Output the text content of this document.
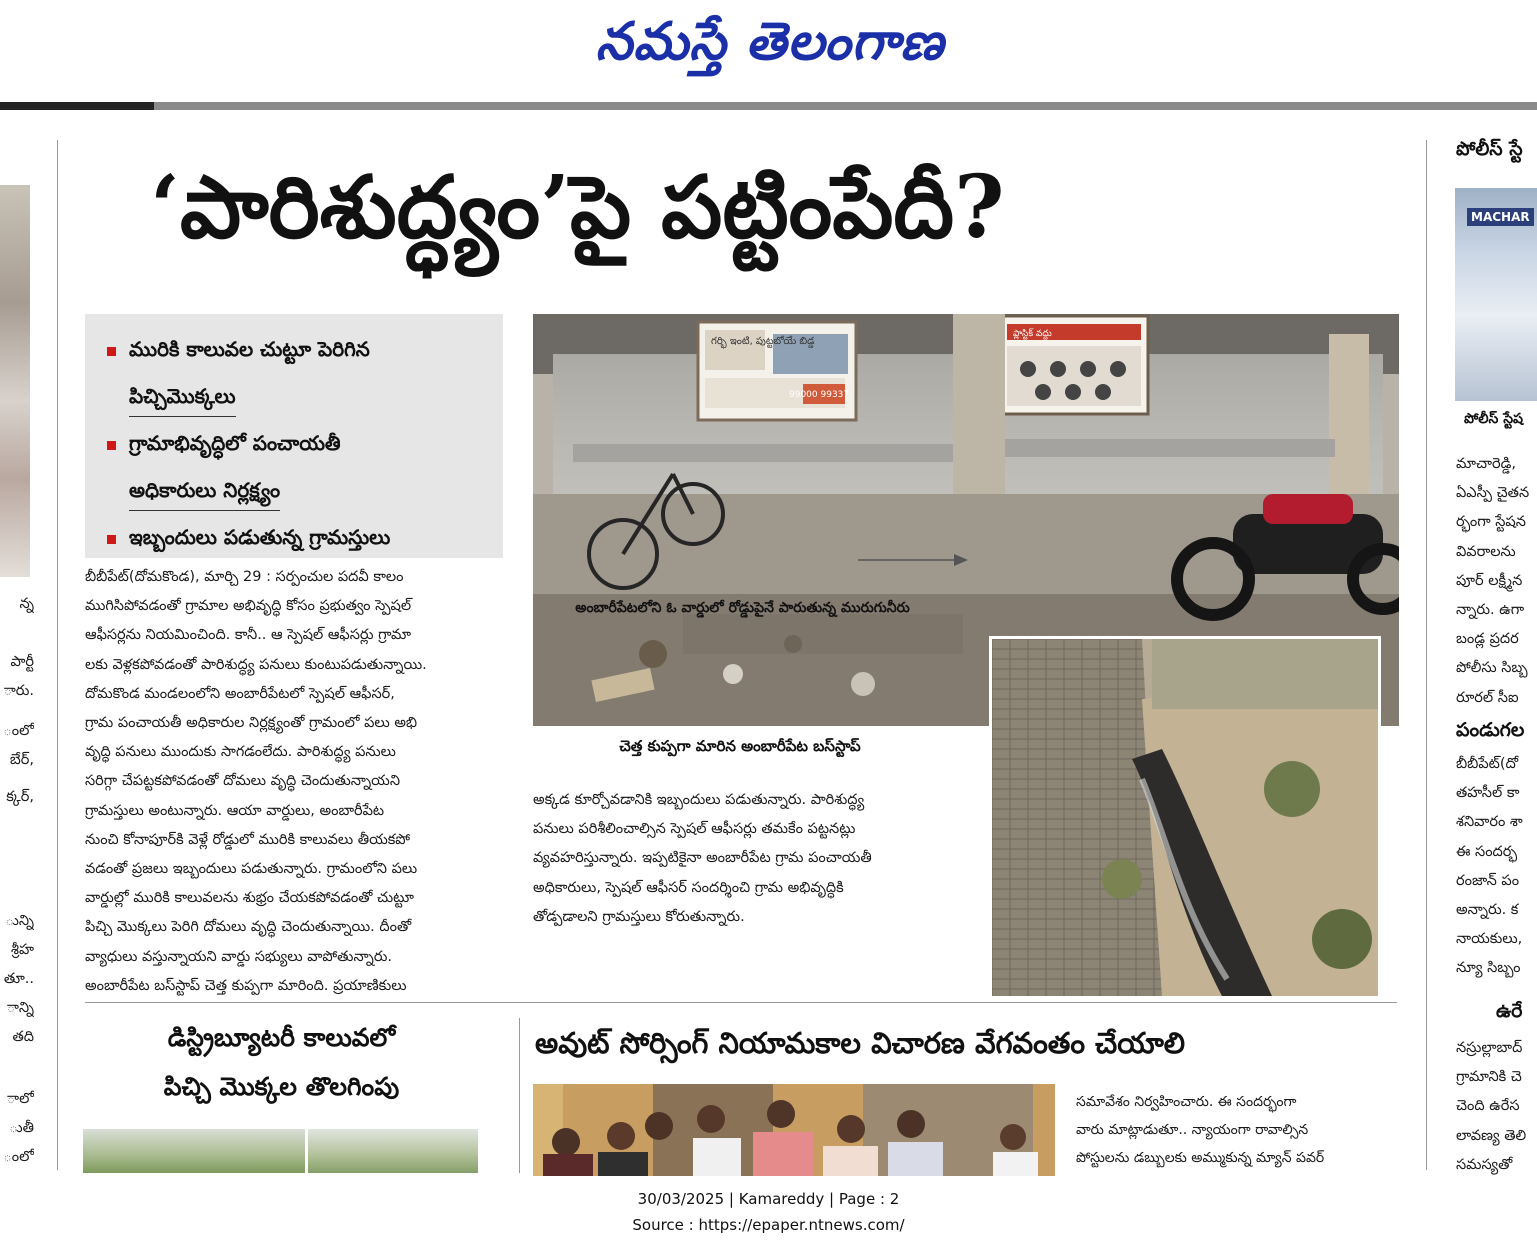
నమస్తే తెలంగాణ
న్న
పార్టీ
ారు.
ంలో
బేర్,
క్కర్,
ున్ని
శ్రీహ
తూ..
ాన్ని
తది
ాలో
ుతీ
ంలో
‘పారిశుద్ధ్యం’పై పట్టింపేదీ?
మురికి కాలువల చుట్టూ పెరిగిన
పిచ్చిమొక్కలు
గ్రామాభివృద్ధిలో పంచాయతీ
అధికారులు నిర్లక్ష్యం
ఇబ్బందులు పడుతున్న గ్రామస్తులు
బీబీపేట్(దోమకొండ), మార్చి 29 : సర్పంచుల పదవీ కాలం
ముగిసిపోవడంతో గ్రామాల అభివృద్ధి కోసం ప్రభుత్వం స్పెషల్
ఆఫీసర్లను నియమించింది. కానీ.. ఆ స్పెషల్ ఆఫీసర్లు గ్రామా
లకు వెళ్లకపోవడంతో పారిశుద్ధ్య పనులు కుంటుపడుతున్నాయి.
దోమకొండ మండలంలోని అంబారీపేటలో స్పెషల్ ఆఫీసర్,
గ్రామ పంచాయతీ అధికారుల నిర్లక్ష్యంతో గ్రామంలో పలు అభి
వృద్ధి పనులు ముందుకు సాగడంలేదు. పారిశుద్ధ్య పనులు
సరిగ్గా చేపట్టకపోవడంతో దోమలు వృద్ధి చెందుతున్నాయని
గ్రామస్తులు అంటున్నారు. ఆయా వార్డులు, అంబారీపేట
నుంచి కోనాపూర్‌కి వెళ్లే రోడ్డులో మురికి కాలువలు తీయకపో
వడంతో ప్రజలు ఇబ్బందులు పడుతున్నారు. గ్రామంలోని పలు
వార్డుల్లో మురికి కాలువలను శుభ్రం చేయకపోవడంతో చుట్టూ
పిచ్చి మొక్కలు పెరిగి దోమలు వృద్ధి చెందుతున్నాయి. దీంతో
వ్యాధులు వస్తున్నాయని వార్డు సభ్యులు వాపోతున్నారు.
అంబారీపేట బస్‌స్టాప్ చెత్త కుప్పగా మారింది. ప్రయాణికులు
గర్భి ఇంటి, పుట్టబోయే బిడ్డ
99000 99337
ప్లాస్టిక్ వద్దు
చెత్త కుప్పగా మారిన అంబారీపేట బస్‌స్టాప్
అంబారీపేటలోని ఓ వార్డులో రోడ్డుపైనే పారుతున్న మురుగునీరు
అక్కడ కూర్చోవడానికి ఇబ్బందులు పడుతున్నారు. పారిశుద్ధ్య
పనులు పరిశీలించాల్సిన స్పెషల్ ఆఫీసర్లు తమకేం పట్టనట్లు
వ్యవహరిస్తున్నారు. ఇప్పటికైనా అంబారీపేట గ్రామ పంచాయతీ
అధికారులు, స్పెషల్ ఆఫీసర్ సందర్శించి గ్రామ అభివృద్ధికి
తోడ్పడాలని గ్రామస్తులు కోరుతున్నారు.
డిస్ట్రిబ్యూటరీ కాలువలో
పిచ్చి మొక్కల తొలగింపు
అవుట్ సోర్సింగ్ నియామకాల విచారణ వేగవంతం చేయాలి
సమావేశం నిర్వహించారు. ఈ సందర్భంగా
వారు మాట్లాడుతూ.. న్యాయంగా రావాల్సిన
పోస్టులను డబ్బులకు అమ్ముకున్న మ్యాన్ పవర్
పోలీస్ స్టే
MACHAR
పోలీస్ స్టేష
మాచారెడ్డి,
ఏఎస్పీ చైతన
ర్భంగా స్టేషన
వివరాలను
పూర్ లక్ష్మీన
న్నారు. ఉగా
బండ్ల ప్రదర
పోలీసు సిబ్బ
రూరల్ సీఐ
పండుగల
బీబీపేట్(దో
తహసీల్ కా
శనివారం శా
ఈ సందర్భ
రంజాన్ పం
అన్నారు. క
నాయకులు,
న్యూ సిబ్బం
ఉరే
నస్రుల్లాబాద్
గ్రామానికి చె
చెంది ఉరేస
లావణ్య తెలి
సమస్యతో
30/03/2025 | Kamareddy | Page : 2
Source : https://epaper.ntnews.com/
